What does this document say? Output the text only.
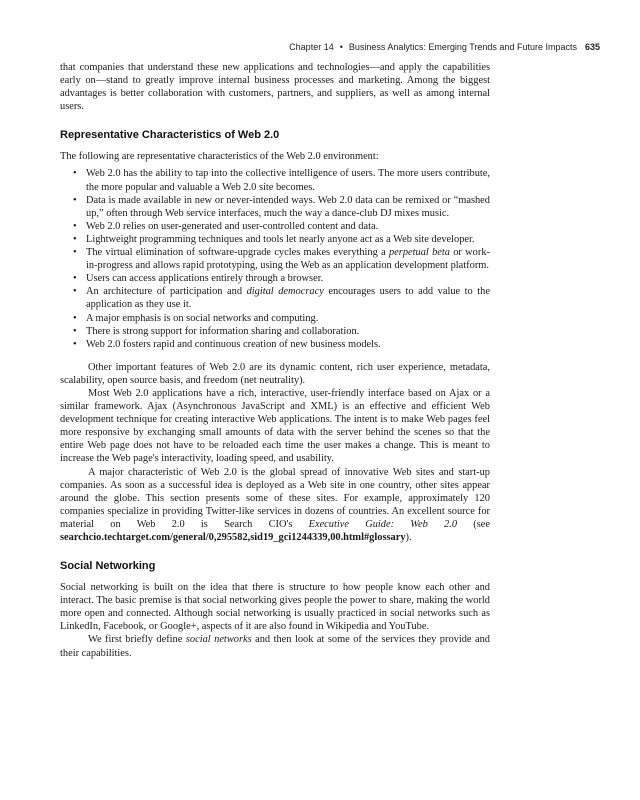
Chapter 14 • Business Analytics: Emerging Trends and Future Impacts 635

that companies that understand these new applications and technologies—and apply the capabilities early on—stand to greatly improve internal business processes and marketing. Among the biggest advantages is better collaboration with customers, partners, and suppliers, as well as among internal users.

Representative Characteristics of Web 2.0

The following are representative characteristics of the Web 2.0 environment:

• Web 2.0 has the ability to tap into the collective intelligence of users. The more users contribute, the more popular and valuable a Web 2.0 site becomes.
• Data is made available in new or never-intended ways. Web 2.0 data can be remixed or “mashed up,” often through Web service interfaces, much the way a dance-club DJ mixes music.
• Web 2.0 relies on user-generated and user-controlled content and data.
• Lightweight programming techniques and tools let nearly anyone act as a Web site developer.
• The virtual elimination of software-upgrade cycles makes everything a perpetual beta or work-in-progress and allows rapid prototyping, using the Web as an application development platform.
• Users can access applications entirely through a browser.
• An architecture of participation and digital democracy encourages users to add value to the application as they use it.
• A major emphasis is on social networks and computing.
• There is strong support for information sharing and collaboration.
• Web 2.0 fosters rapid and continuous creation of new business models.

Other important features of Web 2.0 are its dynamic content, rich user experience, metadata, scalability, open source basis, and freedom (net neutrality).

Most Web 2.0 applications have a rich, interactive, user-friendly interface based on Ajax or a similar framework. Ajax (Asynchronous JavaScript and XML) is an effective and efficient Web development technique for creating interactive Web applications. The intent is to make Web pages feel more responsive by exchanging small amounts of data with the server behind the scenes so that the entire Web page does not have to be reloaded each time the user makes a change. This is meant to increase the Web page's interactivity, loading speed, and usability.

A major characteristic of Web 2.0 is the global spread of innovative Web sites and start-up companies. As soon as a successful idea is deployed as a Web site in one country, other sites appear around the globe. This section presents some of these sites. For example, approximately 120 companies specialize in providing Twitter-like services in dozens of countries. An excellent source for material on Web 2.0 is Search CIO's Executive Guide: Web 2.0 (see searchcio.techtarget.com/general/0,295582,sid19_gci1244339,00.html#glossary).

Social Networking

Social networking is built on the idea that there is structure to how people know each other and interact. The basic premise is that social networking gives people the power to share, making the world more open and connected. Although social networking is usually practiced in social networks such as LinkedIn, Facebook, or Google+, aspects of it are also found in Wikipedia and YouTube.

We first briefly define social networks and then look at some of the services they provide and their capabilities.
